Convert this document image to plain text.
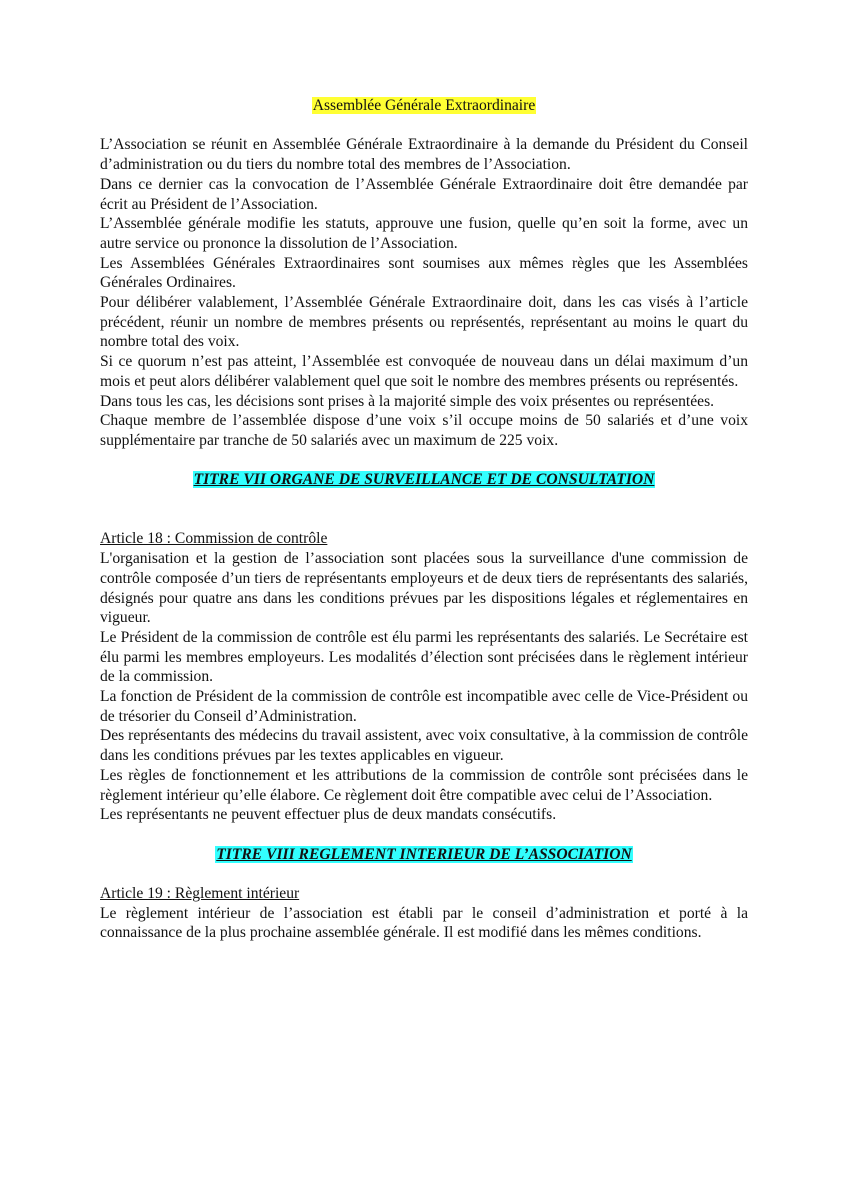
Assemblée Générale Extraordinaire

L’Association se réunit en Assemblée Générale Extraordinaire à la demande du Président du Conseil d’administration ou du tiers du nombre total des membres de l’Association.

Dans ce dernier cas la convocation de l’Assemblée Générale Extraordinaire doit être demandée par écrit au Président de l’Association.

L’Assemblée générale modifie les statuts, approuve une fusion, quelle qu’en soit la forme, avec un autre service ou prononce la dissolution de l’Association.

Les Assemblées Générales Extraordinaires sont soumises aux mêmes règles que les Assemblées Générales Ordinaires.

Pour délibérer valablement, l’Assemblée Générale Extraordinaire doit, dans les cas visés à l’article précédent, réunir un nombre de membres présents ou représentés, représentant au moins le quart du nombre total des voix.

Si ce quorum n’est pas atteint, l’Assemblée est convoquée de nouveau dans un délai maximum d’un mois et peut alors délibérer valablement quel que soit le nombre des membres présents ou représentés.

Dans tous les cas, les décisions sont prises à la majorité simple des voix présentes ou représentées.

Chaque membre de l’assemblée dispose d’une voix s’il occupe moins de 50 salariés et d’une voix supplémentaire par tranche de 50 salariés avec un maximum de 225 voix.

TITRE VII ORGANE DE SURVEILLANCE ET DE CONSULTATION

Article 18 : Commission de contrôle

L'organisation et la gestion de l’association sont placées sous la surveillance d'une commission de contrôle composée d’un tiers de représentants employeurs et de deux tiers de représentants des salariés, désignés pour quatre ans dans les conditions prévues par les dispositions légales et réglementaires en vigueur.

Le Président de la commission de contrôle est élu parmi les représentants des salariés. Le Secrétaire est élu parmi les membres employeurs. Les modalités d’élection sont précisées dans le règlement intérieur de la commission.

La fonction de Président de la commission de contrôle est incompatible avec celle de Vice-Président ou de trésorier du Conseil d’Administration.

Des représentants des médecins du travail assistent, avec voix consultative, à la commission de contrôle dans les conditions prévues par les textes applicables en vigueur.

Les règles de fonctionnement et les attributions de la commission de contrôle sont précisées dans le règlement intérieur qu’elle élabore. Ce règlement doit être compatible avec celui de l’Association.

Les représentants ne peuvent effectuer plus de deux mandats consécutifs.

TITRE VIII REGLEMENT INTERIEUR DE L’ASSOCIATION

Article 19 : Règlement intérieur

Le règlement intérieur de l’association est établi par le conseil d’administration et porté à la connaissance de la plus prochaine assemblée générale. Il est modifié dans les mêmes conditions.
